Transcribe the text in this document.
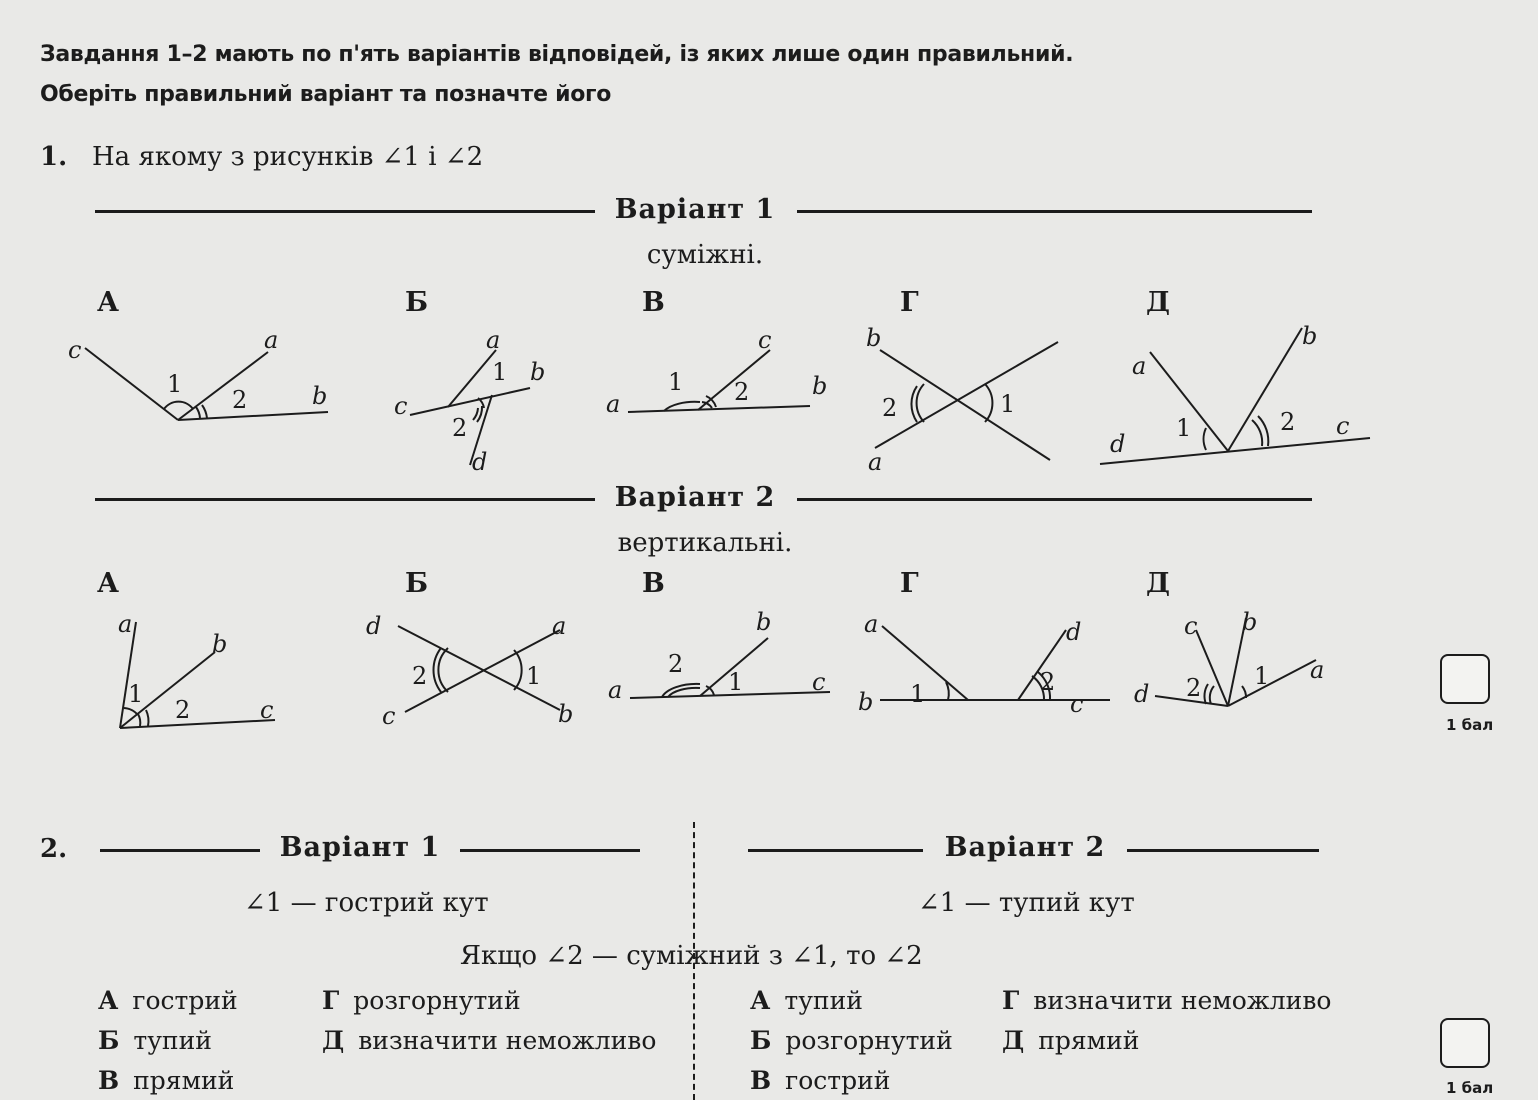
Завдання 1–2 мають по п'ять варіантів відповідей, із яких лише один правильний.
Оберіть правильний варіант та позначте його
1. На якому з рисунків ∠1 і ∠2
Варіант 1
суміжні.
А	Б	В	Г	Д
c	a
b
1
2
a
b
c
d
1
2
c
a
b
1 2
b
a
2	1
a
b
d
c
1	2
Варіант 2
вертикальні.
А	Б	В	Г	Д
a
b
c
1
2
d	a
c	b
2	1
b
a	c
2
1
a	d
b	c
1	2
c b
a
d 2 1
1 бал
2.	Варіант 1	Варіант 2
∠1 — гострий кут	∠1 — тупий кут
Якщо ∠2 — суміжний з ∠1, то ∠2
А гострий
Б тупий
В прямий
Г розгорнутий
Д визначити неможливо
А тупий
Б розгорнутий
В гострий
Г визначити неможливо
Д прямий
1 бал
